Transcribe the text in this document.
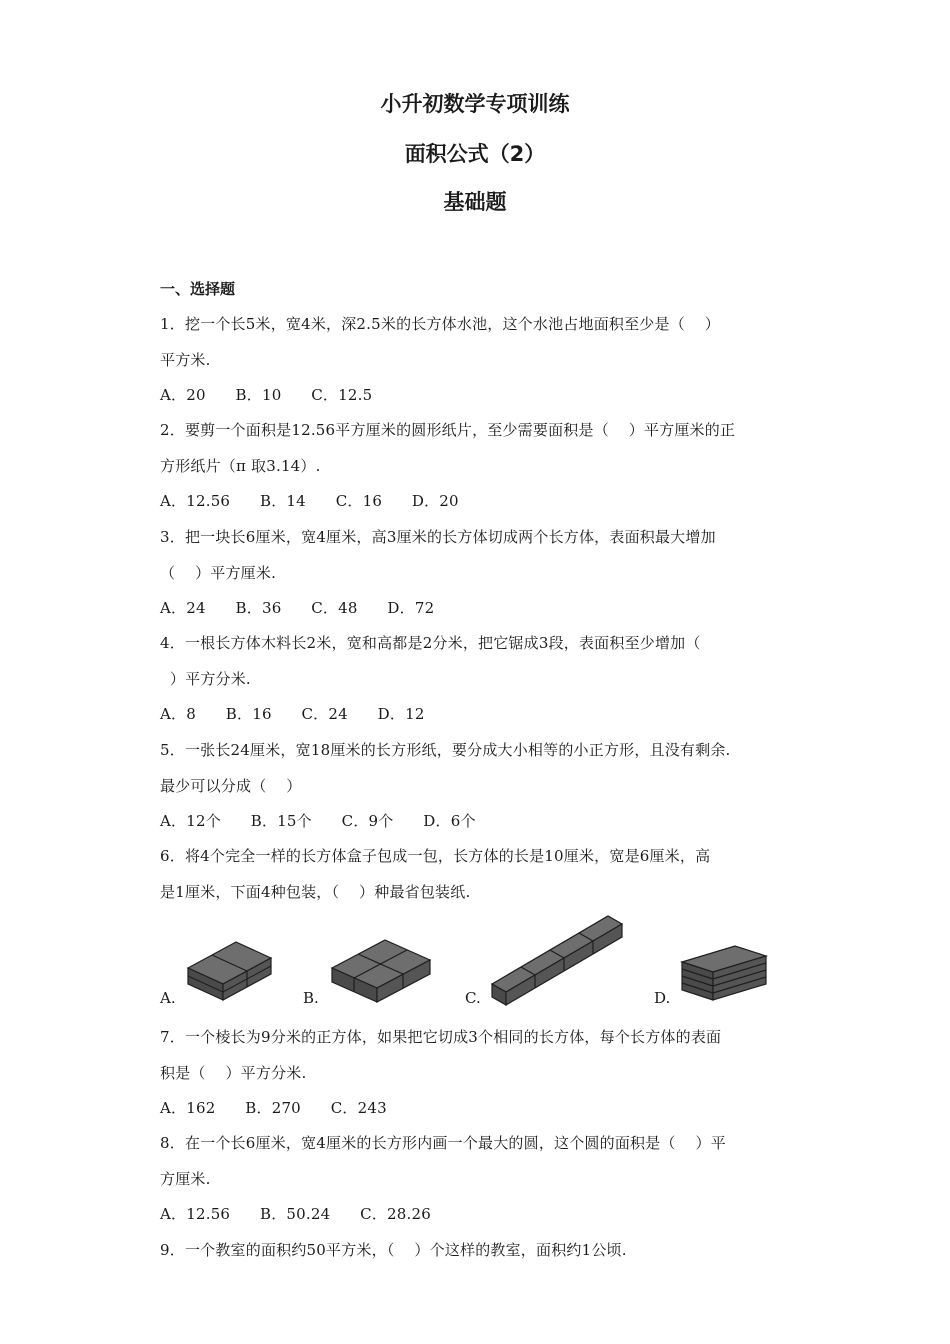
小升初数学专项训练
面积公式（2）
基础题
一、选择题
1．挖一个长5米，宽4米，深2.5米的长方体水池，这个水池占地面积至少是（    ）
平方米.
A．20      B．10      C．12.5
2．要剪一个面积是12.56平方厘米的圆形纸片，至少需要面积是（    ）平方厘米的正
方形纸片（π 取3.14）.
A．12.56      B．14      C．16      D．20
3．把一块长6厘米，宽4厘米，高3厘米的长方体切成两个长方体，表面积最大增加
（    ）平方厘米.
A．24      B．36      C．48      D．72
4．一根长方体木料长2米，宽和高都是2分米，把它锯成3段，表面积至少增加（
）平方分米.
A．8      B．16      C．24      D．12
5．一张长24厘米，宽18厘米的长方形纸，要分成大小相等的小正方形，且没有剩余.
最少可以分成（    ）
A．12个      B．15个      C．9个      D．6个
6．将4个完全一样的长方体盒子包成一包，长方体的长是10厘米，宽是6厘米，高
是1厘米，下面4种包装，（    ）种最省包装纸.
A.	B.	C.	D.
7．一个棱长为9分米的正方体，如果把它切成3个相同的长方体，每个长方体的表面
积是（    ）平方分米.
A．162      B．270      C．243
8．在一个长6厘米，宽4厘米的长方形内画一个最大的圆，这个圆的面积是（    ）平
方厘米.
A．12.56      B．50.24      C．28.26
9．一个教室的面积约50平方米，（    ）个这样的教室，面积约1公顷.
